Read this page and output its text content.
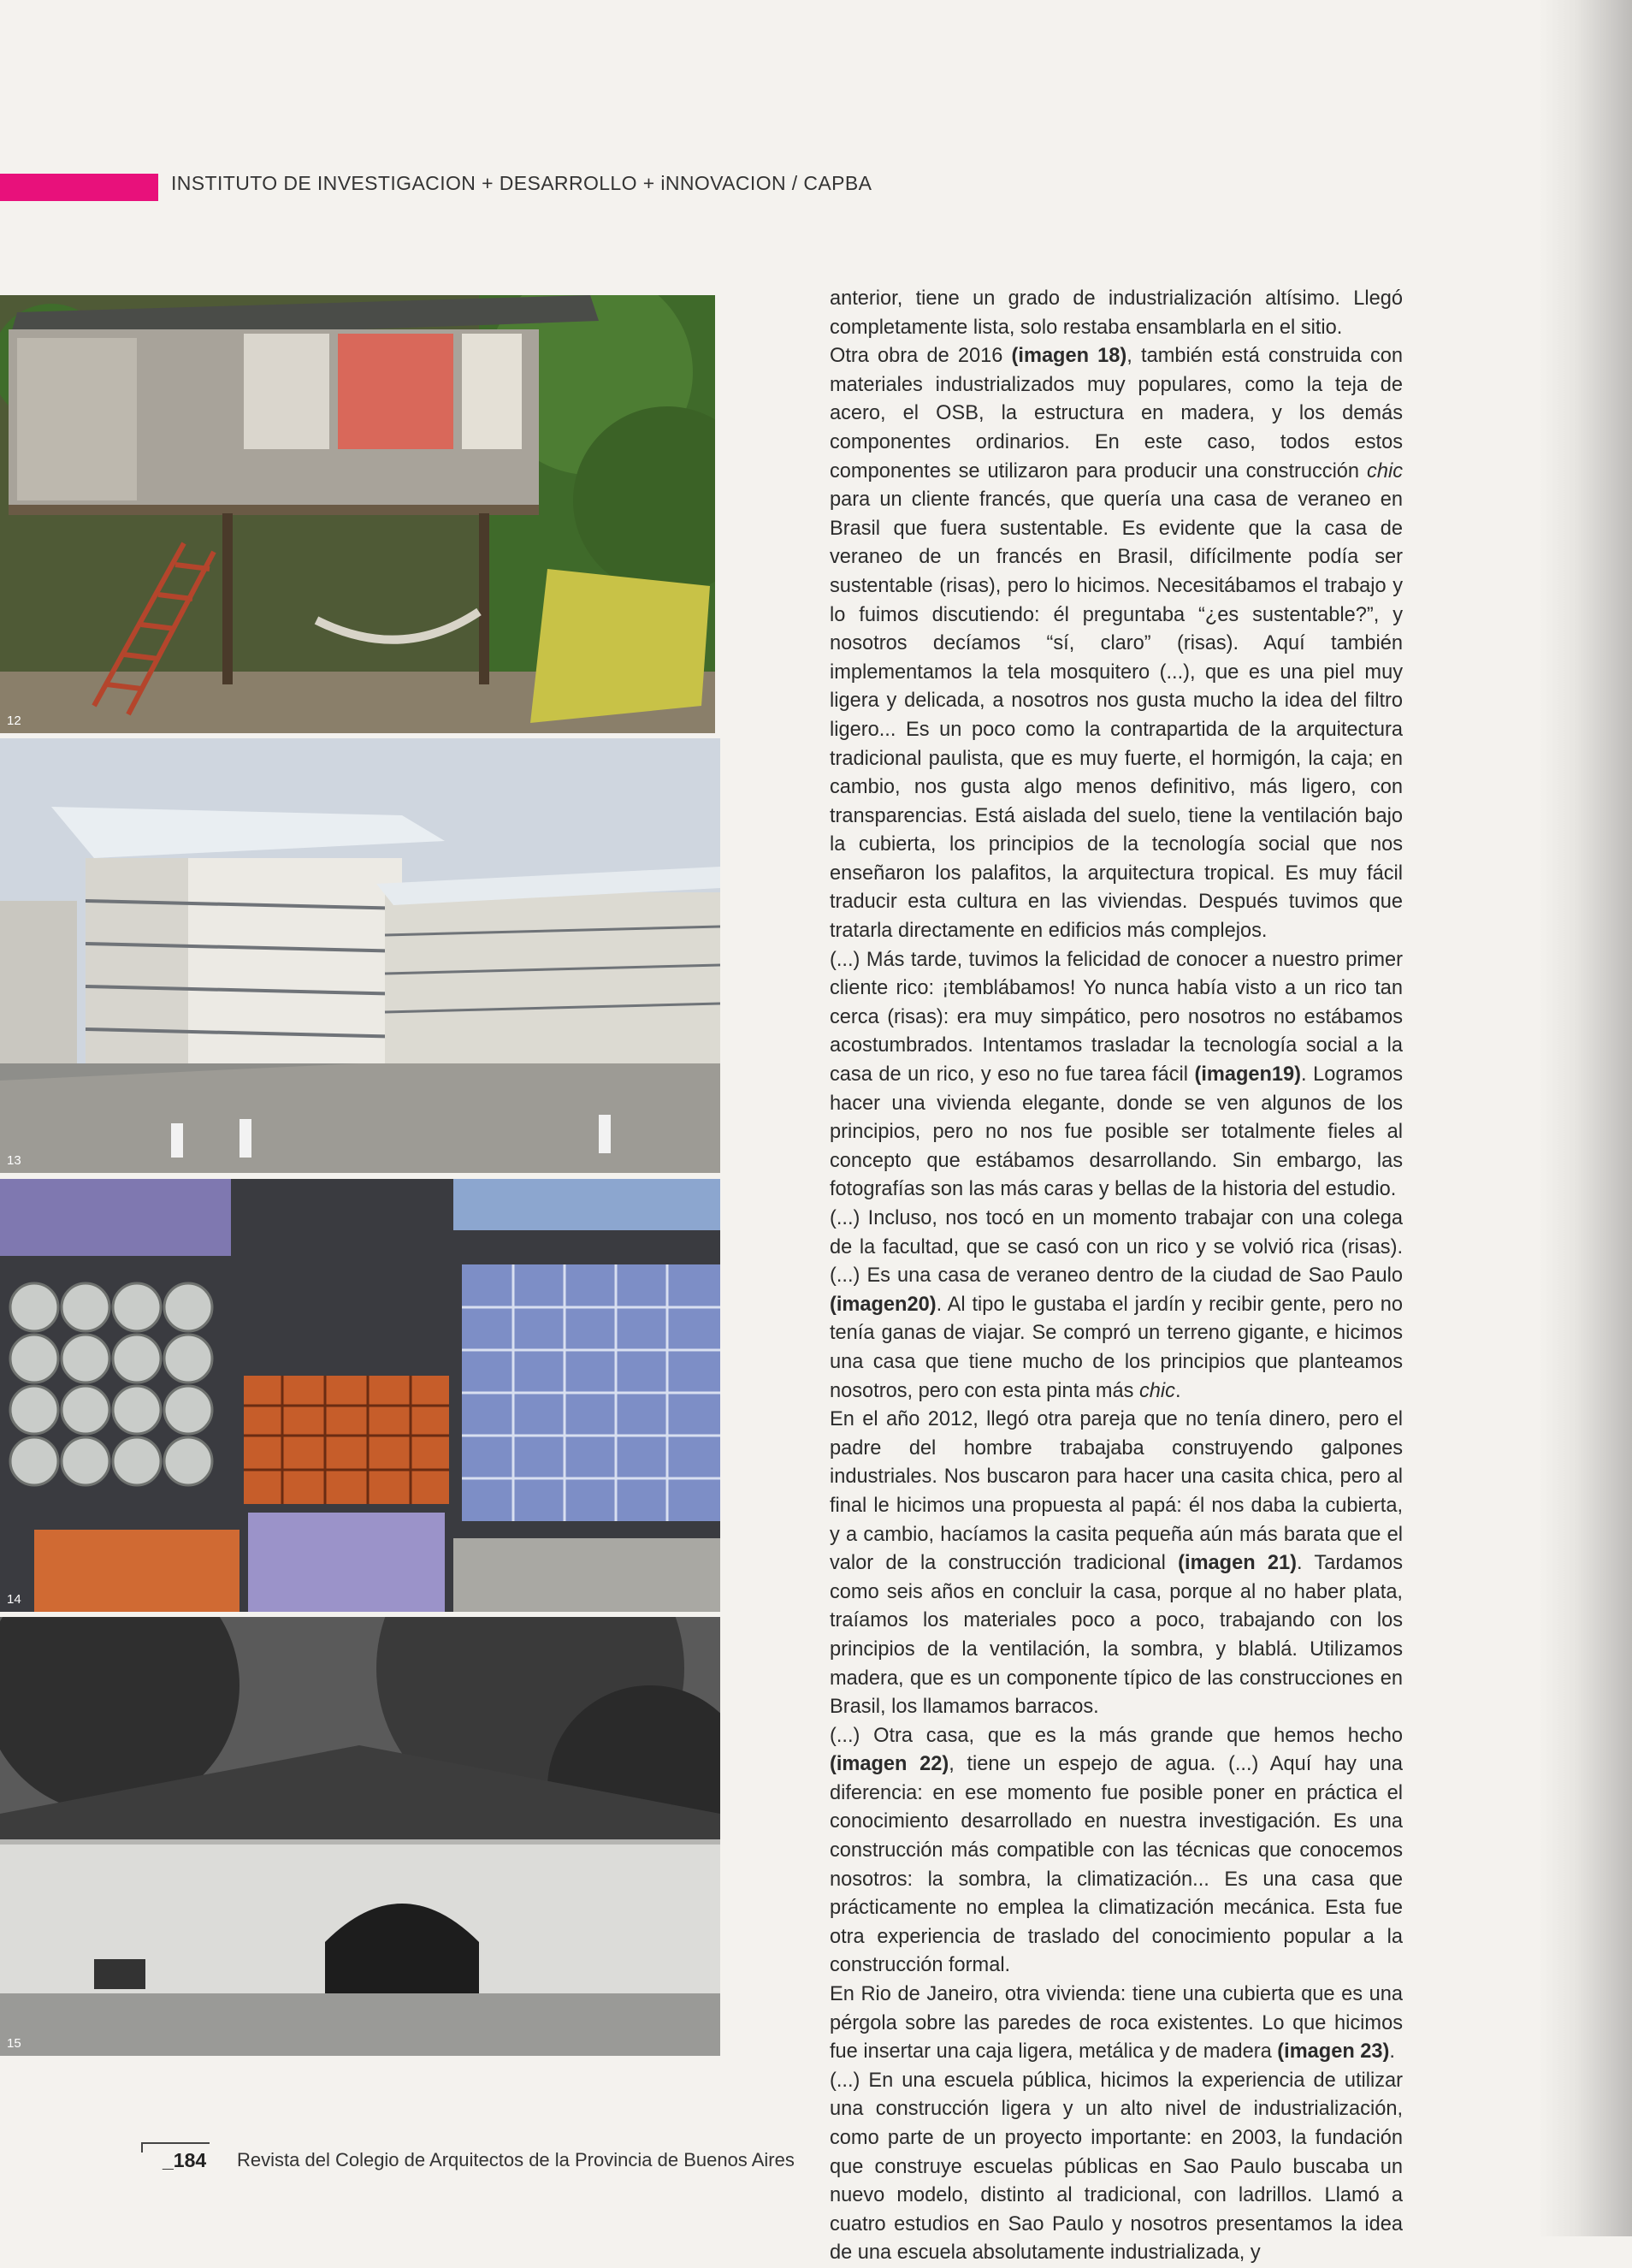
INSTITUTO DE INVESTIGACION + DESARROLLO + iNNOVACION / CAPBA
12
13
14
15

anterior, tiene un grado de industrialización altísimo. Llegó completamente lista, solo restaba ensamblarla en el sitio.

Otra obra de 2016 (imagen 18), también está construida con materiales industrializados muy populares, como la teja de acero, el OSB, la estructura en madera, y los demás componentes ordinarios. En este caso, todos estos componentes se utilizaron para producir una construcción chic para un cliente francés, que quería una casa de veraneo en Brasil que fuera sustentable. Es evidente que la casa de veraneo de un francés en Brasil, difícilmente podía ser sustentable (risas), pero lo hicimos. Necesitábamos el trabajo y lo fuimos discutiendo: él preguntaba “¿es sustentable?”, y nosotros decíamos “sí, claro” (risas). Aquí también implementamos la tela mosquitero (...), que es una piel muy ligera y delicada, a nosotros nos gusta mucho la idea del filtro ligero... Es un poco como la contrapartida de la arquitectura tradicional paulista, que es muy fuerte, el hormigón, la caja; en cambio, nos gusta algo menos definitivo, más ligero, con transparencias. Está aislada del suelo, tiene la ventilación bajo la cubierta, los principios de la tecnología social que nos enseñaron los palafitos, la arquitectura tropical. Es muy fácil traducir esta cultura en las viviendas. Después tuvimos que tratarla directamente en edificios más complejos.

(...) Más tarde, tuvimos la felicidad de conocer a nuestro primer cliente rico: ¡temblábamos! Yo nunca había visto a un rico tan cerca (risas): era muy simpático, pero nosotros no estábamos acostumbrados. Intentamos trasladar la tecnología social a la casa de un rico, y eso no fue tarea fácil (imagen19). Logramos hacer una vivienda elegante, donde se ven algunos de los principios, pero no nos fue posible ser totalmente fieles al concepto que estábamos desarrollando. Sin embargo, las fotografías son las más caras y bellas de la historia del estudio.

(...) Incluso, nos tocó en un momento trabajar con una colega de la facultad, que se casó con un rico y se volvió rica (risas). (...) Es una casa de veraneo dentro de la ciudad de Sao Paulo (imagen20). Al tipo le gustaba el jardín y recibir gente, pero no tenía ganas de viajar. Se compró un terreno gigante, e hicimos una casa que tiene mucho de los principios que planteamos nosotros, pero con esta pinta más chic.

En el año 2012, llegó otra pareja que no tenía dinero, pero el padre del hombre trabajaba construyendo galpones industriales. Nos buscaron para hacer una casita chica, pero al final le hicimos una propuesta al papá: él nos daba la cubierta, y a cambio, hacíamos la casita pequeña aún más barata que el valor de la construcción tradicional (imagen 21). Tardamos como seis años en concluir la casa, porque al no haber plata, traíamos los materiales poco a poco, trabajando con los principios de la ventilación, la sombra, y blablá. Utilizamos madera, que es un componente típico de las construcciones en Brasil, los llamamos barracos.

(...) Otra casa, que es la más grande que hemos hecho (imagen 22), tiene un espejo de agua. (...) Aquí hay una diferencia: en ese momento fue posible poner en práctica el conocimiento desarrollado en nuestra investigación. Es una construcción más compatible con las técnicas que conocemos nosotros: la sombra, la climatización... Es una casa que prácticamente no emplea la climatización mecánica. Esta fue otra experiencia de traslado del conocimiento popular a la construcción formal.

En Rio de Janeiro, otra vivienda: tiene una cubierta que es una pérgola sobre las paredes de roca existentes. Lo que hicimos fue insertar una caja ligera, metálica y de madera (imagen 23).

(...) En una escuela pública, hicimos la experiencia de utilizar una construcción ligera y un alto nivel de industrialización, como parte de un proyecto importante: en 2003, la fundación que construye escuelas públicas en Sao Paulo buscaba un nuevo modelo, distinto al tradicional, con ladrillos. Llamó a cuatro estudios en Sao Paulo y nosotros presentamos la idea de una escuela absolutamente industrializada, y

_184 Revista del Colegio de Arquitectos de la Provincia de Buenos Aires
